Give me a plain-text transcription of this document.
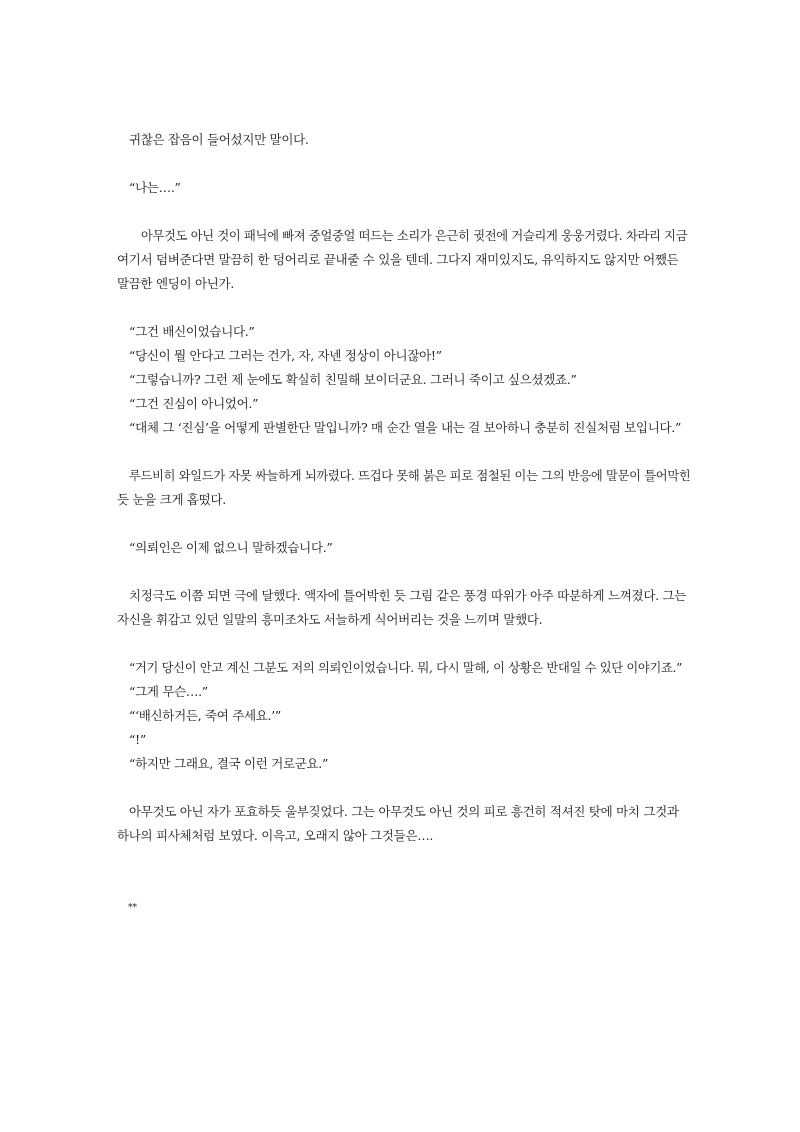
귀찮은 잡음이 들어섰지만 말이다.

“나는….”

아무것도 아닌 것이 패닉에 빠져 중얼중얼 떠드는 소리가 은근히 귓전에 거슬리게 웅웅거렸다. 차라리 지금
여기서 덤벼준다면 말끔히 한 덩어리로 끝내줄 수 있을 텐데. 그다지 재미있지도, 유익하지도 않지만 어쨌든
말끔한 엔딩이 아닌가.

“그건 배신이었습니다.”
“당신이 뭘 안다고 그러는 건가, 자, 자넨 정상이 아니잖아!”
“그렇습니까? 그런 제 눈에도 확실히 친밀해 보이더군요. 그러니 죽이고 싶으셨겠죠.”
“그건 진심이 아니었어.”
“대체 그 ‘진심’을 어떻게 판별한단 말입니까? 매 순간 열을 내는 걸 보아하니 충분히 진실처럼 보입니다.”

루드비히 와일드가 자못 싸늘하게 뇌까렸다. 뜨겁다 못해 붉은 피로 점철된 이는 그의 반응에 말문이 틀어막힌
듯 눈을 크게 홉떴다.

“의뢰인은 이제 없으니 말하겠습니다.”

치정극도 이쯤 되면 극에 달했다. 액자에 틀어박힌 듯 그림 같은 풍경 따위가 아주 따분하게 느껴졌다. 그는
자신을 휘감고 있던 일말의 흥미조차도 서늘하게 식어버리는 것을 느끼며 말했다.

“거기 당신이 안고 계신 그분도 저의 의뢰인이었습니다. 뭐, 다시 말해, 이 상황은 반대일 수 있단 이야기죠.”
“그게 무슨….”
“‘배신하거든, 죽여 주세요.’”
“!”
“하지만 그래요, 결국 이런 거로군요.”

아무것도 아닌 자가 포효하듯 울부짖었다. 그는 아무것도 아닌 것의 피로 흥건히 적셔진 탓에 마치 그것과
하나의 피사체처럼 보였다. 이윽고, 오래지 않아 그것들은….

**
